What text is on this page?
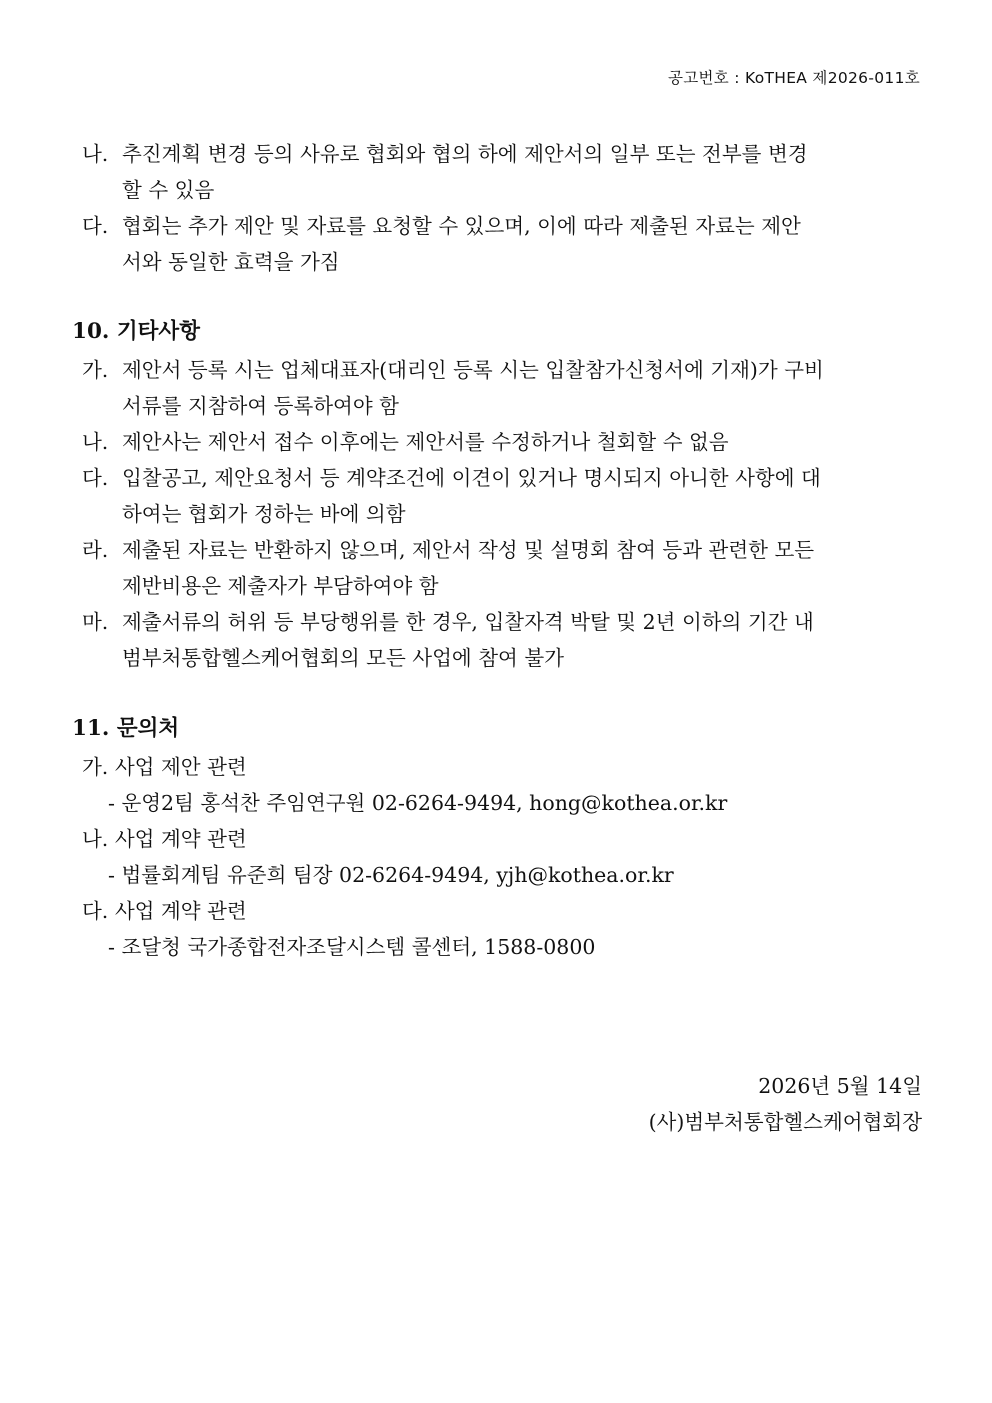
공고번호 : KoTHEA 제2026-011호
나. 추진계획 변경 등의 사유로 협회와 협의 하에 제안서의 일부 또는 전부를 변경
할 수 있음
다. 협회는 추가 제안 및 자료를 요청할 수 있으며, 이에 따라 제출된 자료는 제안
서와 동일한 효력을 가짐
10. 기타사항
가. 제안서 등록 시는 업체대표자(대리인 등록 시는 입찰참가신청서에 기재)가 구비
서류를 지참하여 등록하여야 함
나. 제안사는 제안서 접수 이후에는 제안서를 수정하거나 철회할 수 없음
다. 입찰공고, 제안요청서 등 계약조건에 이견이 있거나 명시되지 아니한 사항에 대
하여는 협회가 정하는 바에 의함
라. 제출된 자료는 반환하지 않으며, 제안서 작성 및 설명회 참여 등과 관련한 모든
제반비용은 제출자가 부담하여야 함
마. 제출서류의 허위 등 부당행위를 한 경우, 입찰자격 박탈 및 2년 이하의 기간 내
범부처통합헬스케어협회의 모든 사업에 참여 불가
11. 문의처
가. 사업 제안 관련
- 운영2팀 홍석찬 주임연구원 02-6264-9494, hong@kothea.or.kr
나. 사업 계약 관련
- 법률회계팀 유준희 팀장 02-6264-9494, yjh@kothea.or.kr
다. 사업 계약 관련
- 조달청 국가종합전자조달시스템 콜센터, 1588-0800
2026년 5월 14일
(사)범부처통합헬스케어협회장
